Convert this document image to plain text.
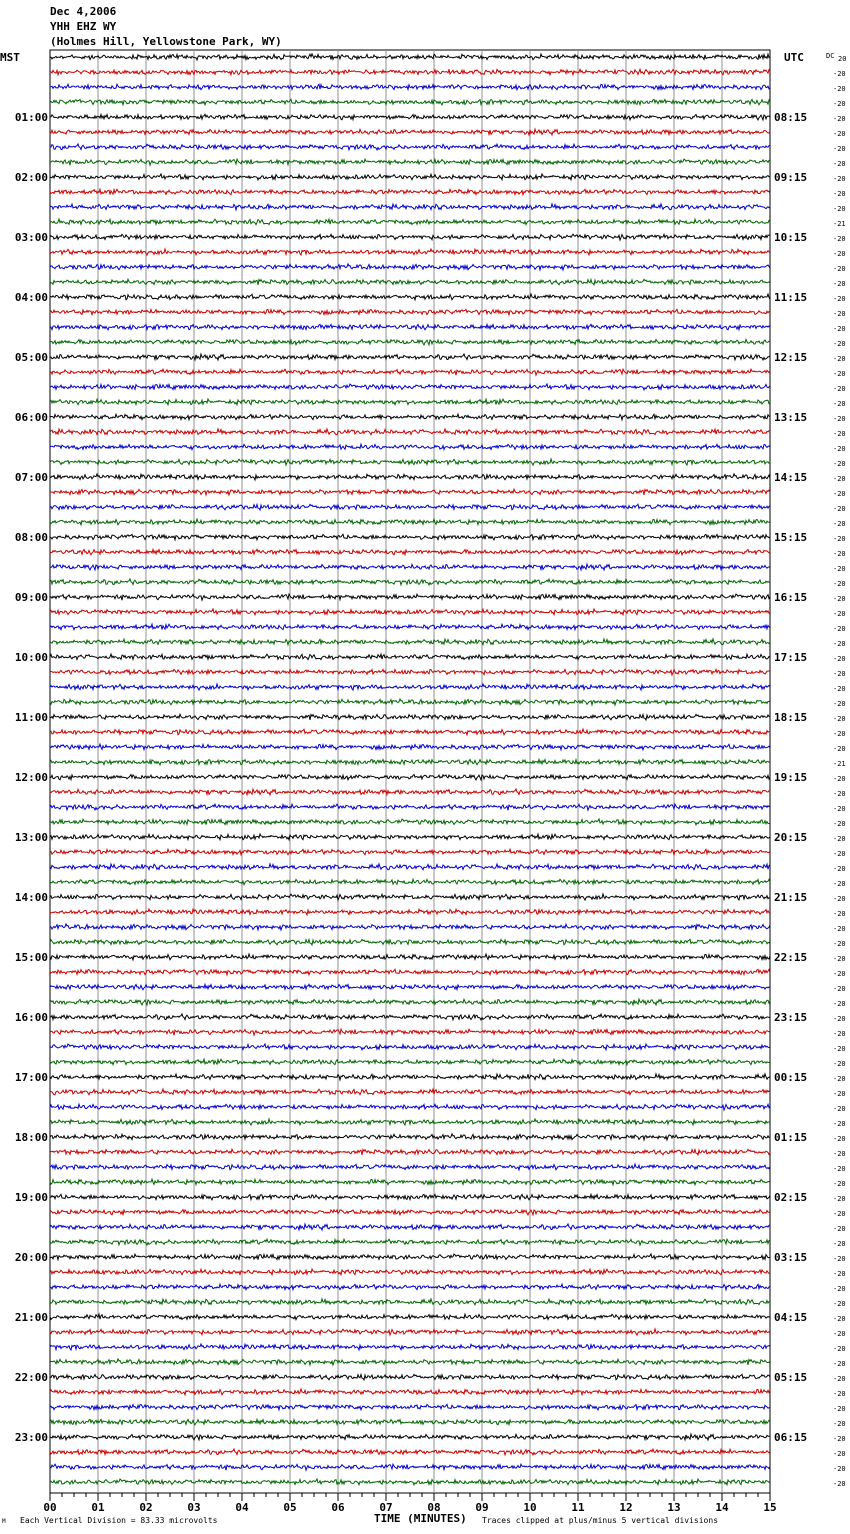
Dec 4,2006
YHH EHZ WY
(Holmes Hill, Yellowstone Park, WY)
MST	UTC	DC 20
-20
-20
-20
-20
-20
-20
-20
-20
-20
-20
-21
-20
-20
-20
-20
-20
-20
-20
-20
-20
-20
-20
-20
-20
-20
-20
-20
-20
-20
-20
-20
-20
-20
-20
-20
-20
-20
-20
-20
-20
-20
-20
-20
-20
-20
-20
-21
-20
-20
-20
-20
-20
-20
-20
-20
-20
-20
-20
-20
-20
-20
-20
-20
-20
-20
-20
-20
-20
-20
-20
-20
-20
-20
-20
-20
-20
-20
-20
-20
-20
-20
-20
-20
-20
-20
-20
-20
-20
-20
-20
-20
-20
-20
-20
-20
01:00
02:00
03:00
04:00
05:00
06:00
07:00
08:00
09:00
10:00
11:00
12:00
13:00
14:00
15:00
16:00
17:00
18:00
19:00
20:00
21:00
22:00
23:00
08:15
09:15
10:15
11:15
12:15
13:15
14:15
15:15
16:15
17:15
18:15
19:15
20:15
21:15
22:15
23:15
00:15
01:15
02:15
03:15
04:15
05:15
06:15
00	01	02	03	04	05	06	07	08	09	10	11	12	13	14	15
M Each Vertical Division = 83.33 microvolts	TIME (MINUTES) Traces clipped at plus/minus 5 vertical divisions
